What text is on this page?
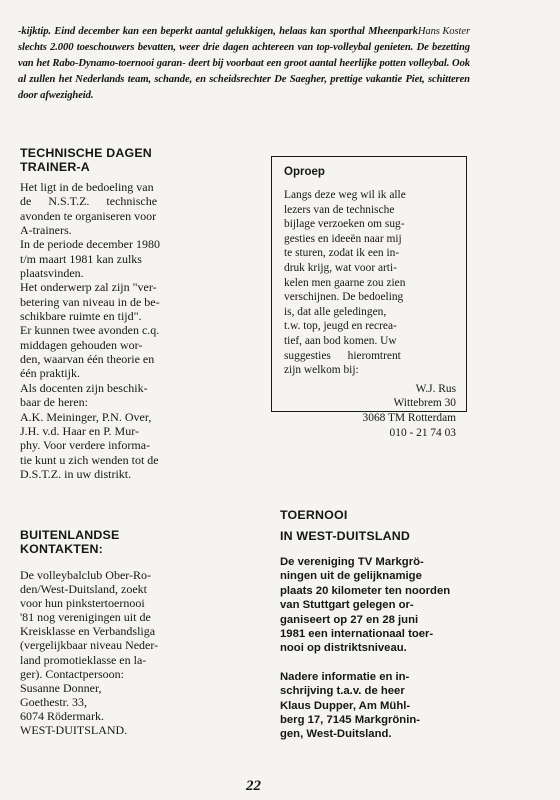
Hans Koster
-kijktip. Eind december kan een beperkt aantal gelukkigen, helaas kan sporthal Mheenpark slechts 2.000 toeschouwers bevatten, weer drie dagen achtereen van top-volleybal genieten. De bezetting van het Rabo-Dynamo-toernooi garan- deert bij voorbaat een groot aantal heerlijke potten volleybal. Ook al zullen het Nederlands team, schande, en scheidsrechter De Saegher, prettige vakantie Piet, schitteren door afwezigheid.
TECHNISCHE DAGEN
TRAINER-A
Het ligt in de bedoeling van
de N.S.T.Z. technische
avonden te organiseren voor
A-trainers.
In de periode december 1980
t/m maart 1981 kan zulks
plaatsvinden.
Het onderwerp zal zijn "ver-
betering van niveau in de be-
schikbare ruimte en tijd".
Er kunnen twee avonden c.q.
middagen gehouden wor-
den, waarvan één theorie en
één praktijk.
Als docenten zijn beschik-
baar de heren:
A.K. Meininger, P.N. Over,
J.H. v.d. Haar en P. Mur-
phy. Voor verdere informa-
tie kunt u zich wenden tot de
D.S.T.Z. in uw distrikt.
Oproep
Langs deze weg wil ik alle
lezers van de technische
bijlage verzoeken om sug-
gesties en ideeën naar mij
te sturen, zodat ik een in-
druk krijg, wat voor arti-
kelen men gaarne zou zien
verschijnen. De bedoeling
is, dat alle geledingen,
t.w. top, jeugd en recrea-
tief, aan bod komen. Uw
suggesties hieromtrent
zijn welkom bij:
W.J. Rus
Wittebrem 30
3068 TM Rotterdam
010 - 21 74 03
BUITENLANDSE
KONTAKTEN:
De volleybalclub Ober-Ro-
den/West-Duitsland, zoekt
voor hun pinkstertoernooi
'81 nog verenigingen uit de
Kreisklasse en Verbandsliga
(vergelijkbaar niveau Neder-
land promotieklasse en la-
ger). Contactpersoon:
Susanne Donner,
Goethestr. 33,
6074 Rödermark.
WEST-DUITSLAND.
TOERNOOI
IN WEST-DUITSLAND
De vereniging TV Markgrö-
ningen uit de gelijknamige
plaats 20 kilometer ten noorden
van Stuttgart gelegen or-
ganiseert op 27 en 28 juni
1981 een internationaal toer-
nooi op distriktsniveau.
Nadere informatie en in-
schrijving t.a.v. de heer
Klaus Dupper, Am Mühl-
berg 17, 7145 Markgrönin-
gen, West-Duitsland.
22
